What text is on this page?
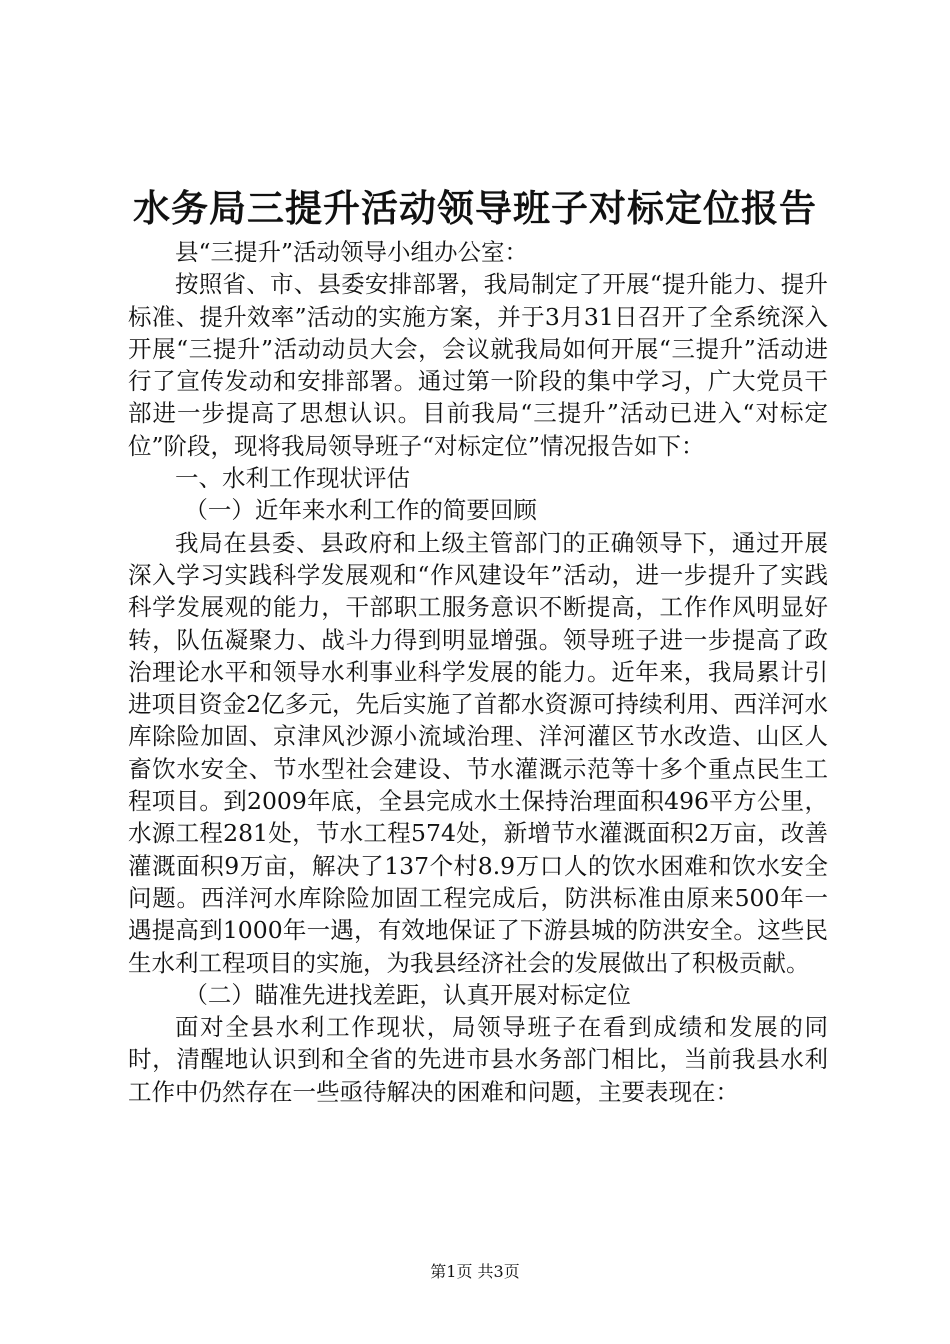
水务局三提升活动领导班子对标定位报告

县“三提升”活动领导小组办公室：

按照省、市、县委安排部署，我局制定了开展“提升能力、提升标准、提升效率”活动的实施方案，并于3月31日召开了全系统深入开展“三提升”活动动员大会，会议就我局如何开展“三提升”活动进行了宣传发动和安排部署。通过第一阶段的集中学习，广大党员干部进一步提高了思想认识。目前我局“三提升”活动已进入“对标定位”阶段，现将我局领导班子“对标定位”情况报告如下：

一、水利工作现状评估

（一）近年来水利工作的简要回顾

我局在县委、县政府和上级主管部门的正确领导下，通过开展深入学习实践科学发展观和“作风建设年”活动，进一步提升了实践科学发展观的能力，干部职工服务意识不断提高，工作作风明显好转，队伍凝聚力、战斗力得到明显增强。领导班子进一步提高了政治理论水平和领导水利事业科学发展的能力。近年来，我局累计引进项目资金2亿多元，先后实施了首都水资源可持续利用、西洋河水库除险加固、京津风沙源小流域治理、洋河灌区节水改造、山区人畜饮水安全、节水型社会建设、节水灌溉示范等十多个重点民生工程项目。到2009年底，全县完成水土保持治理面积496平方公里，水源工程281处，节水工程574处，新增节水灌溉面积2万亩，改善灌溉面积9万亩，解决了137个村8.9万口人的饮水困难和饮水安全问题。西洋河水库除险加固工程完成后，防洪标准由原来500年一遇提高到1000年一遇，有效地保证了下游县城的防洪安全。这些民生水利工程项目的实施，为我县经济社会的发展做出了积极贡献。

（二）瞄准先进找差距，认真开展对标定位

面对全县水利工作现状，局领导班子在看到成绩和发展的同时，清醒地认识到和全省的先进市县水务部门相比，当前我县水利工作中仍然存在一些亟待解决的困难和问题，主要表现在：

第1页 共3页
